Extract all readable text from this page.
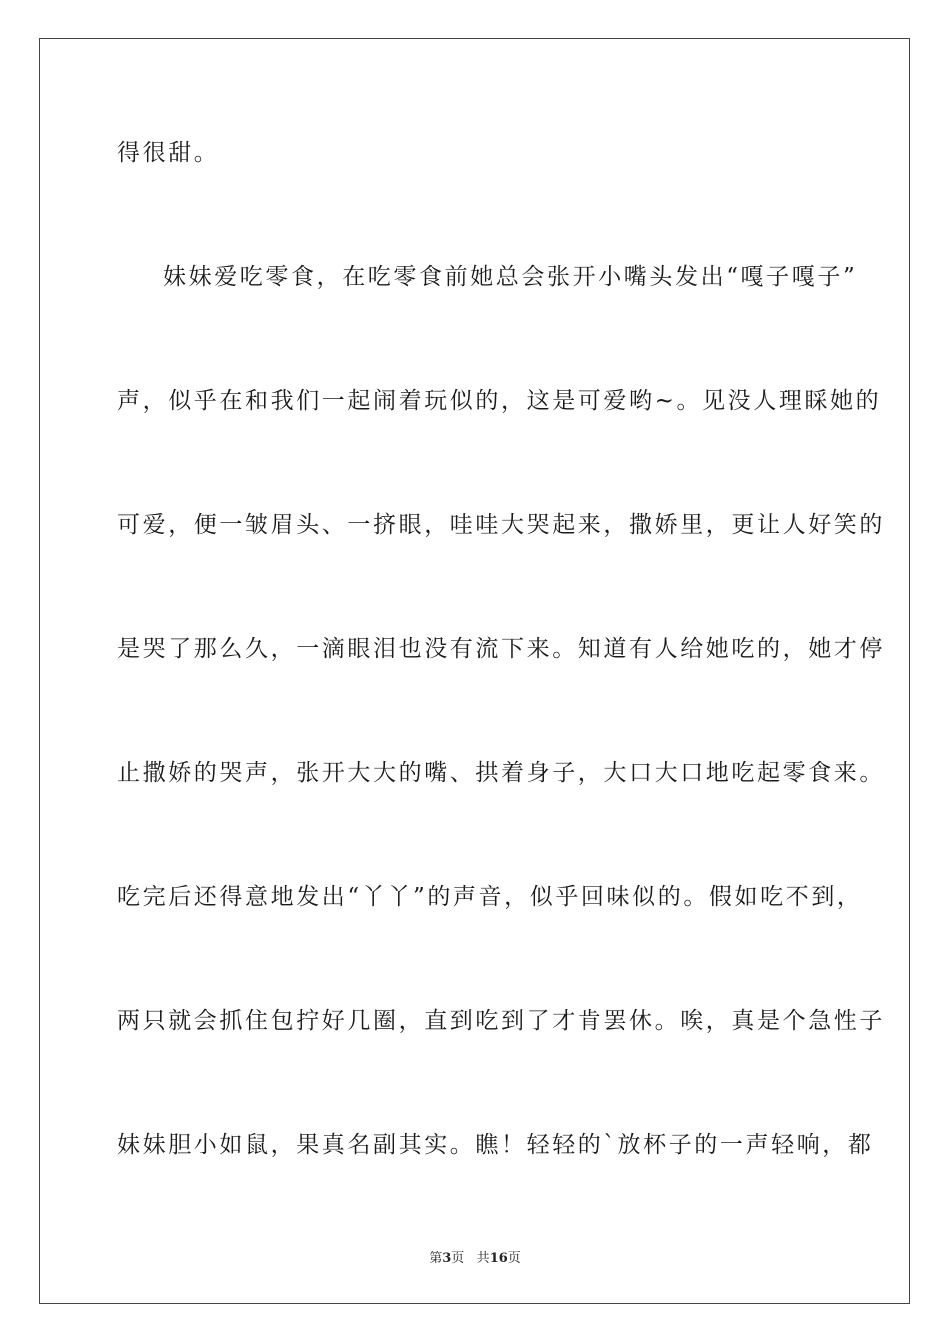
得很甜。
妹妹爱吃零食，在吃零食前她总会张开小嘴头发出“嘎子嘎子”
声，似乎在和我们一起闹着玩似的，这是可爱哟~。见没人理睬她的
可爱，便一皱眉头、一挤眼，哇哇大哭起来，撒娇里，更让人好笑的
是哭了那么久，一滴眼泪也没有流下来。知道有人给她吃的，她才停
止撒娇的哭声，张开大大的嘴、拱着身子，大口大口地吃起零食来。
吃完后还得意地发出“丫丫”的声音，似乎回味似的。假如吃不到，
两只就会抓住包拧好几圈，直到吃到了才肯罢休。唉，真是个急性子
妹妹胆小如鼠，果真名副其实。瞧！轻轻的`放杯子的一声轻响，都
第3页 共16页
